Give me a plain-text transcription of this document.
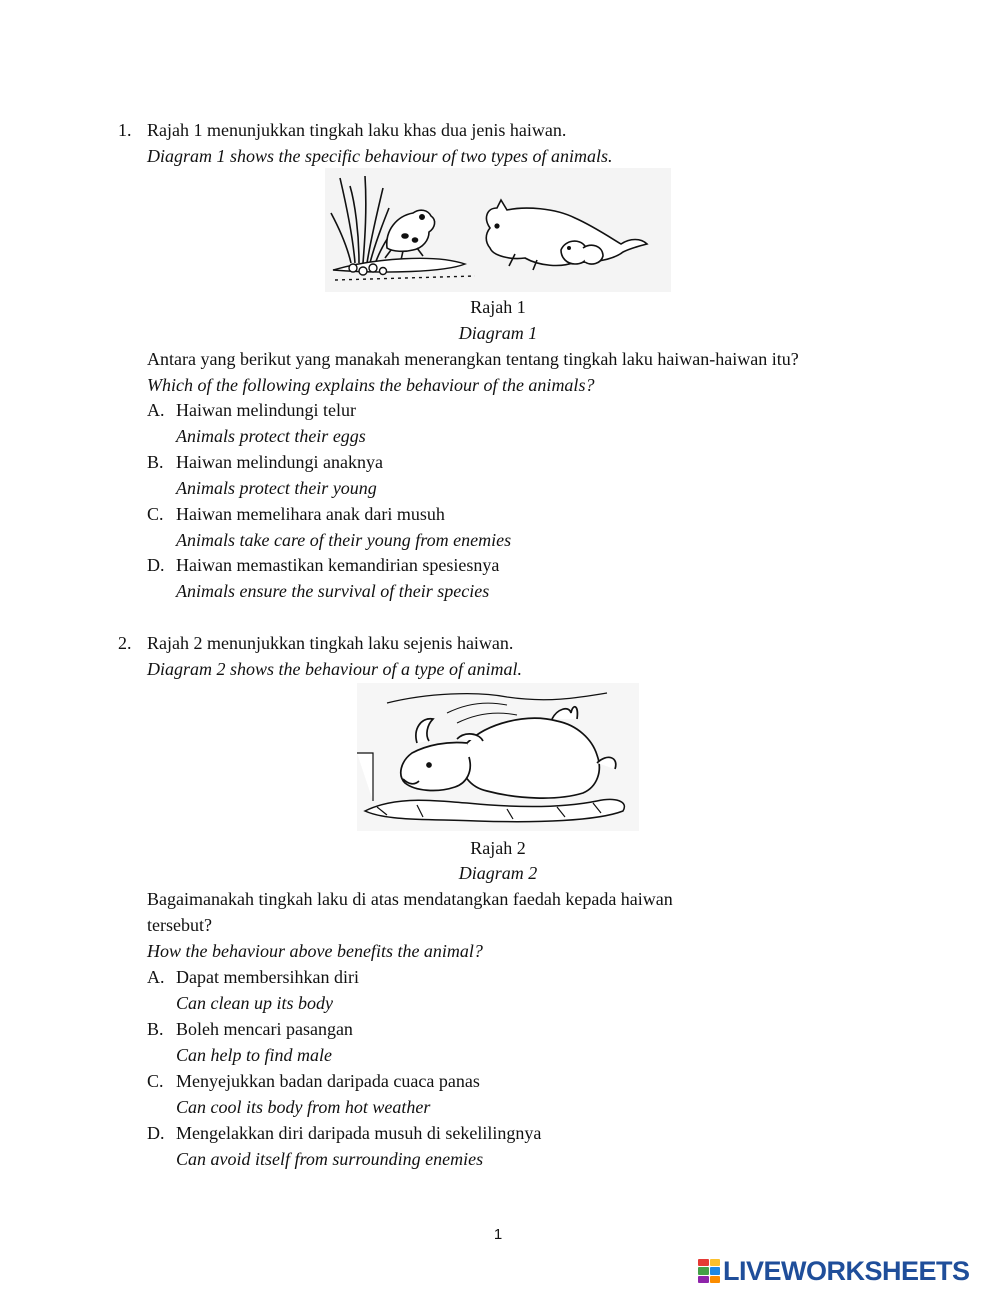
1. Rajah 1 menunjukkan tingkah laku khas dua jenis haiwan.
Diagram 1 shows the specific behaviour of two types of animals.
Rajah 1
Diagram 1
Antara yang berikut yang manakah menerangkan tentang tingkah laku haiwan-haiwan itu?
Which of the following explains the behaviour of the animals?
A. Haiwan melindungi telur
Animals protect their eggs
B. Haiwan melindungi anaknya
Animals protect their young
C. Haiwan memelihara anak dari musuh
Animals take care of their young from enemies
D. Haiwan memastikan kemandirian spesiesnya
Animals ensure the survival of their species
2. Rajah 2 menunjukkan tingkah laku sejenis haiwan.
Diagram 2 shows the behaviour of a type of animal.
Rajah 2
Diagram 2
Bagaimanakah tingkah laku di atas mendatangkan faedah kepada haiwan
tersebut?
How the behaviour above benefits the animal?
A. Dapat membersihkan diri
Can clean up its body
B. Boleh mencari pasangan
Can help to find male
C. Menyejukkan badan daripada cuaca panas
Can cool its body from hot weather
D. Mengelakkan diri daripada musuh di sekelilingnya
Can avoid itself from surrounding enemies
1
LIVEWORKSHEETS
